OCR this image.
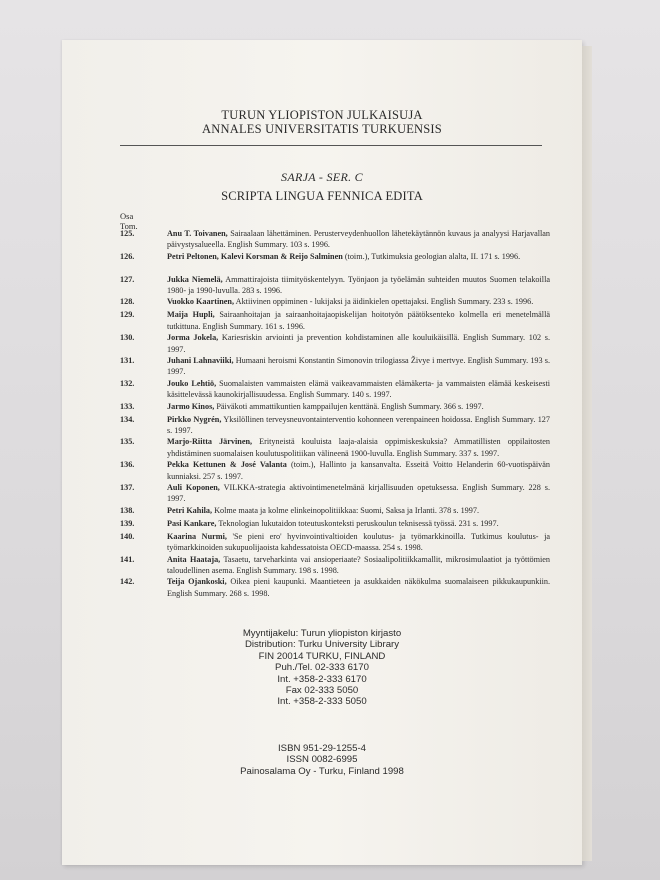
TURUN YLIOPISTON JULKAISUJA
ANNALES UNIVERSITATIS TURKUENSIS
SARJA - SER. C
SCRIPTA LINGUA FENNICA EDITA
Osa
Tom.
125.	Anu T. Toivanen, Sairaalaan lähettäminen. Perusterveydenhuollon lähetekäytännön kuvaus ja analyysi Harjavallan päivystysalueella. English Summary. 103 s. 1996.
126.	Petri Peltonen, Kalevi Korsman & Reijo Salminen (toim.), Tutkimuksia geologian alalta, II. 171 s. 1996.
127.	Jukka Niemelä, Ammattirajoista tiimityöskentelyyn. Työnjaon ja työelämän suhteiden muutos Suomen telakoilla 1980- ja 1990-luvulla. 283 s. 1996.
128.	Vuokko Kaartinen, Aktiivinen oppiminen - lukijaksi ja äidinkielen opettajaksi. English Summary. 233 s. 1996.
129.	Maija Hupli, Sairaanhoitajan ja sairaanhoitajaopiskelijan hoitotyön päätöksenteko kolmella eri menetelmällä tutkittuna. English Summary. 161 s. 1996.
130.	Jorma Jokela, Kariesriskin arviointi ja prevention kohdistaminen alle kouluikäisillä. English Summary. 102 s. 1997.
131.	Juhani Lahnaviiki, Humaani heroismi Konstantin Simonovin trilogiassa Živye i mertvye. English Summary. 193 s. 1997.
132.	Jouko Lehtiö, Suomalaisten vammaisten elämä vaikeavammaisten elämäkerta- ja vammaisten elämää keskeisesti käsittelevässä kaunokirjallisuudessa. English Summary. 140 s. 1997.
133.	Jarmo Kinos, Päiväkoti ammattikuntien kamppailujen kenttänä. English Summary. 366 s. 1997.
134.	Pirkko Nygrén, Yksilöllinen terveysneuvontainterventio kohonneen verenpaineen hoidossa. English Summary. 127 s. 1997.
135.	Marjo-Riitta Järvinen, Erityneistä kouluista laaja-alaisia oppimiskeskuksia? Ammatillisten oppilaitosten yhdistäminen suomalaisen koulutuspolitiikan välineenä 1900-luvulla. English Summary. 337 s. 1997.
136.	Pekka Kettunen & José Valanta (toim.), Hallinto ja kansanvalta. Esseitä Voitto Helanderin 60-vuotispäivän kunniaksi. 257 s. 1997.
137.	Auli Koponen, VILKKA-strategia aktivointimenetelmänä kirjallisuuden opetuksessa. English Summary. 228 s. 1997.
138.	Petri Kahila, Kolme maata ja kolme elinkeinopolitiikkaa: Suomi, Saksa ja Irlanti. 378 s. 1997.
139.	Pasi Kankare, Teknologian lukutaidon toteutuskonteksti peruskoulun teknisessä työssä. 231 s. 1997.
140.	Kaarina Nurmi, 'Se pieni ero' hyvinvointivaltioiden koulutus- ja työmarkkinoilla. Tutkimus koulutus- ja työmarkkinoiden sukupuolijaoista kahdessatoista OECD-maassa. 254 s. 1998.
141.	Anita Haataja, Tasaetu, tarveharkinta vai ansioperiaate? Sosiaalipolitiikkamallit, mikrosimulaatiot ja työttömien taloudellinen asema. English Summary. 198 s. 1998.
142.	Teija Ojankoski, Oikea pieni kaupunki. Maantieteen ja asukkaiden näkökulma suomalaiseen pikkukaupunkiin. English Summary. 268 s. 1998.
Myyntijakelu: Turun yliopiston kirjasto
Distribution: Turku University Library
FIN 20014 TURKU, FINLAND
Puh./Tel. 02-333 6170
Int. +358-2-333 6170
Fax 02-333 5050
Int. +358-2-333 5050
ISBN 951-29-1255-4
ISSN 0082-6995
Painosalama Oy - Turku, Finland 1998
